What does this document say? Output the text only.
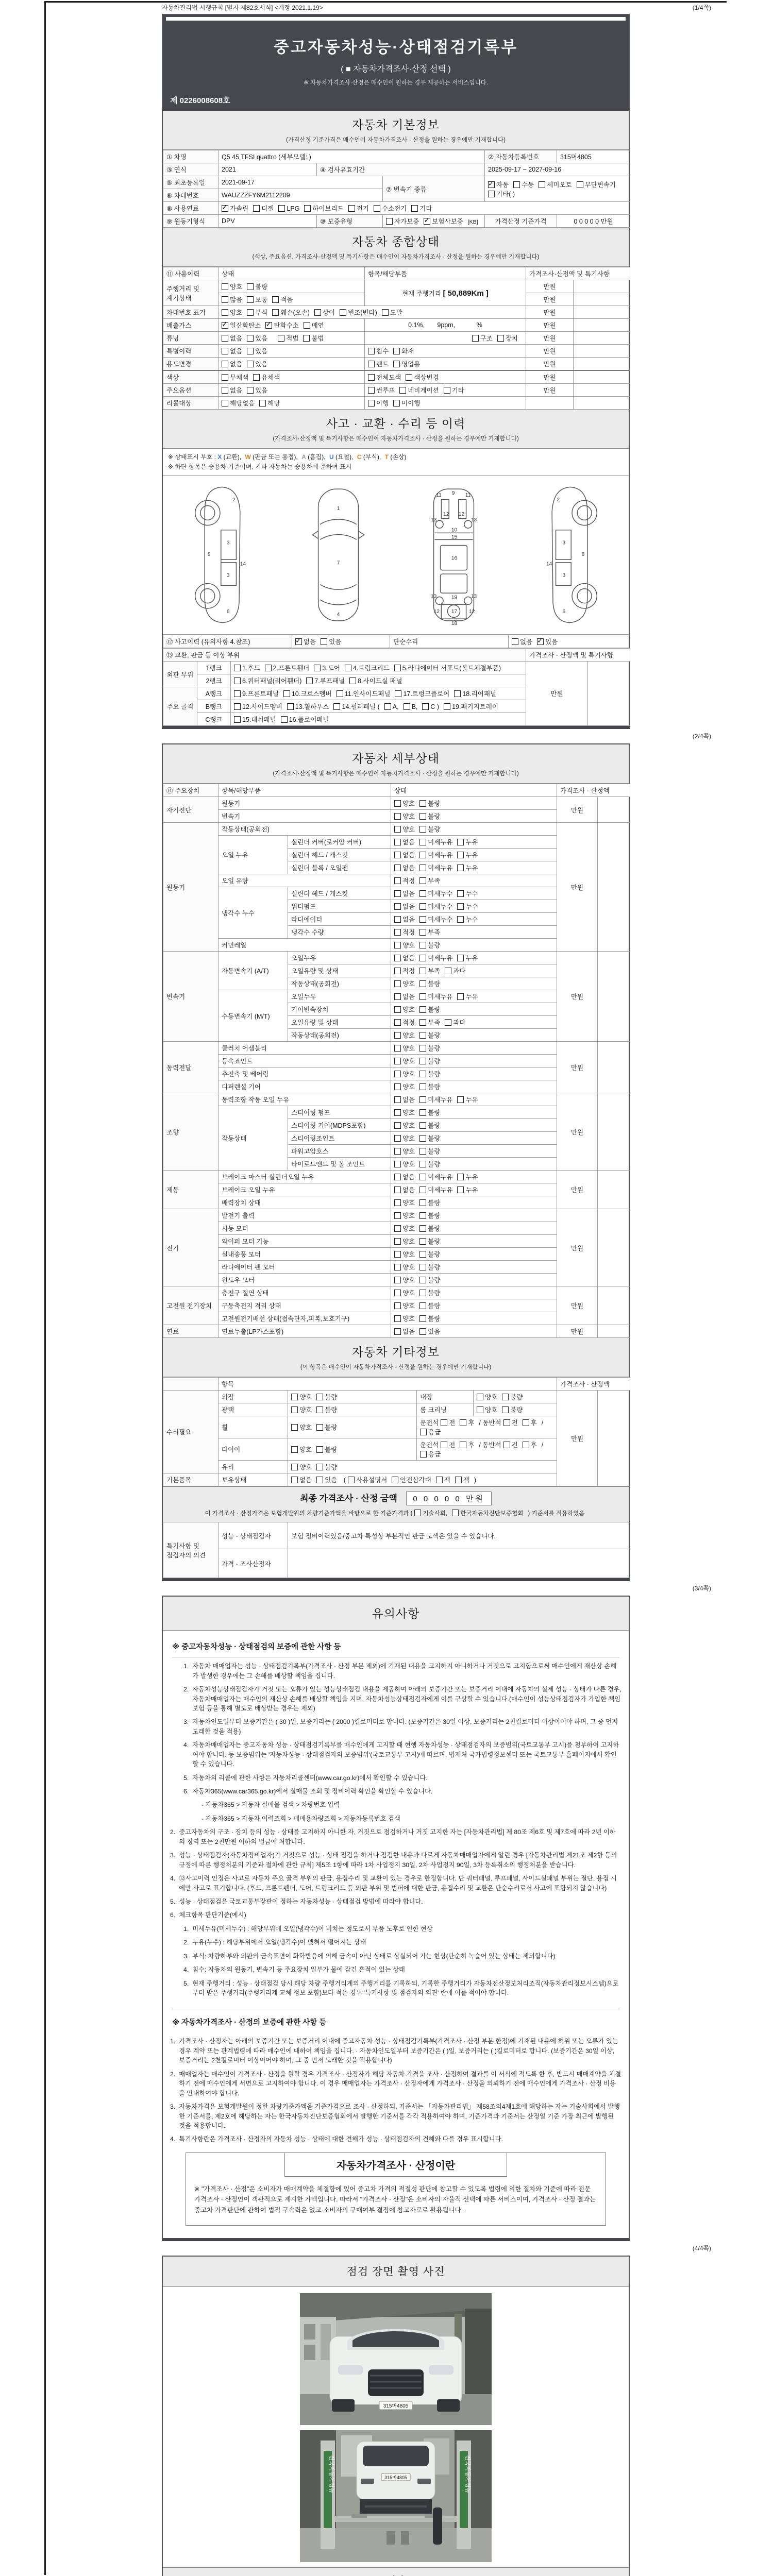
자동차관리법 시행규칙 [별지 제82호서식] <개정 2021.1.19>	(1/4쪽)
중고자동차성능·상태점검기록부
( ■ 자동차가격조사·산정 선택 )
※ 자동차가격조사·산정은 매수인이 원하는 경우 제공하는 서비스입니다.
제 0226008608호
자동차 기본정보
(가격산정 기준가격은 매수인이 자동차가격조사 · 산정을 원하는 경우에만 기재합니다)
① 차명	Q5 45 TFSI quattro (세부모델: )			② 자동차등록번호	315머4805
③ 연식	2021	④ 검사유효기간		2025-09-17 ~ 2027-09-16	
⑤ 최초등록일	2021-09-17		⑦ 변속기 종류	✓자동 수동 세미오토 무단변속기기타( )
⑥ 차대번호	WAUZZZFY6M2112209				
⑧ 사용연료	✓가솔린 디젤 LPG 하이브리드 전기 수소전기 기타
⑨ 원동기형식	DPV	⑩ 보증유형	자가보증 ✓ 보험사보증 [KB]	가격산정 기준가격	0 0 0 0 0 만원
자동차 종합상태
(색상, 주요옵션, 가격조사·산정액 및 특기사항은 매수인이 자동차가격조사 · 산정을 원하는 경우에만 기재합니다)
⑪ 사용이력	상태	항목/해당부품	가격조사·산정액 및 특기사항	
주행거리 및 계기상태	양호 불량	현재 주행거리 [ 50,889Km ]	만원	
	많음 보통 적음		만원	
차대번호 표기	양호 부식 훼손(오손) 상이 변조(변타) 도말		만원	
배출가스	✓일산화탄소 ✓ 탄화수소 매연	0.1%,       9ppm,            %	만원	
튜닝	없음 있음 적법 불법	구조 장치	만원	
특별이력	없음 있음	침수 화재	만원	
용도변경	없음 있음	렌트 영업용	만원	
색상	무채색 유채색	전체도색 색상변경	만원	
주요옵션	없음 있음	썬루프 네비게이션 기타	만원	
리콜대상	해당없음 해당	이행 미이행		
사고 · 교환 · 수리 등 이력
(가격조사·산정액 및 특기사항은 매수인이 자동차가격조사 · 산정을 원하는 경우에만 기재합니다)
※ 상태표시 부호 : X (교환), W (판금 또는 용접), A (흠집), U (요철), C (부식), T (손상)
※ 하단 항목은 승용차 기준이며, 기타 자동차는 승용차에 준하여 표시
2
8
3
14
3
6
1
7
4
11	11
9
13	13
12 12
10
15
16
19
13	13
12	12
17
18
2
8
3
14
3
6
⑫ 사고이력 (유의사항 4.참조)	✓없음 있음	단순수리	없음 ✓ 있음
⑬ 교환, 판금 등 이상 부위			가격조사 · 산정액 및 특기사항	
외판 부위	1랭크	1.후드 2.프론트휀더 3.도어 4.트렁크리드 5.라디에이터 서포트(볼트체결부품)	만원	
	2랭크	6.쿼터패널(리어휀더) 7.루프패널 8.사이드실 패널		
주요 골격	A랭크	9.프론트패널 10.크로스멤버 11.인사이드패널 17.트렁크플로어 18.리어패널		
	B랭크	12.사이드멤버 13.휠하우스 14.필러패널 ( A, B, C ) 19.패키지트레이		
	C랭크	15.대쉬패널 16.플로어패널		
(2/4쪽)
자동차 세부상태
(가격조사·산정액 및 특기사항은 매수인이 자동차가격조사 · 산정을 원하는 경우에만 기재합니다)
⑭ 주요장치	항목/해당부품		상태	가격조사 · 산정액	
자기진단	원동기		양호 불량	만원	
	변속기		양호 불량		
원동기	작동상태(공회전)		양호 불량	만원	
	오일 누유	실린더 커버(로커암 커버)	없음 미세누유 누유		
		실린더 헤드 / 개스킷	없음 미세누유 누유		
		실린더 블록 / 오일팬	없음 미세누유 누유		
	오일 유량		적정 부족		
	냉각수 누수	실린더 헤드 / 개스킷	없음 미세누수 누수		
		워터펌프	없음 미세누수 누수		
		라디에이터	없음 미세누수 누수		
		냉각수 수량	적정 부족		
	커먼레일		양호 불량		
변속기	자동변속기 (A/T)	오일누유	없음 미세누유 누유	만원	
		오일유량 및 상태	적정 부족 과다		
		작동상태(공회전)	양호 불량		
	수동변속기 (M/T)	오일누유	없음 미세누유 누유		
		기어변속장치	양호 불량		
		오일유량 및 상태	적정 부족 과다		
		작동상태(공회전)	양호 불량		
동력전달	클러치 어셈블리		양호 불량	만원	
	등속죠인트		양호 불량		
	추진축 및 베어링		양호 불량		
	디퍼렌셜 기어		양호 불량		
조향	동력조향 작동 오일 누유		없음 미세누유 누유	만원	
	작동상태	스티어링 펌프	양호 불량		
		스티어링 기어(MDPS포함)	양호 불량		
		스티어링조인트	양호 불량		
		파워고압호스	양호 불량		
		타이로드엔드 및 볼 조인트	양호 불량		
제동	브레이크 마스터 실린더오일 누유		없음 미세누유 누유	만원	
	브레이크 오일 누유		없음 미세누유 누유		
	배력장치 상태		양호 불량		
전기	발전기 출력		양호 불량	만원	
	시동 모터		양호 불량		
	와이퍼 모터 기능		양호 불량		
	실내송풍 모터		양호 불량		
	라디에이터 팬 모터		양호 불량		
	윈도우 모터		양호 불량		
고전원 전기장치	충전구 절연 상태		양호 불량	만원	
	구동축전지 격리 상태		양호 불량		
	고전원전기배선 상태(접속단자,피복,보호기구)		양호 불량		
연료	연료누출(LP가스포함)		없음 있음	만원	
자동차 기타정보
(이 항목은 매수인이 자동차가격조사 · 산정을 원하는 경우에만 기재합니다)
	항목				가격조사 · 산정액	
수리필요	외장	양호 불량	내장	양호 불량	만원	
	광택	양호 불량	룸 크리닝	양호 불량		
	휠	양호 불량	운전석 전 후 / 동반석 전 후 /응급			
	타이어	양호 불량	운전석 전 후 / 동반석 전 후 /응급			
	유리	양호 불량				
기본품목	보유상태	없음 있음 ( 사용설명서 안전삼각대 잭 잭 )				
최종 가격조사 · 산정 금액 0 0 0 0 0 만원
이 가격조사 · 산정가격은 보험개발원의 차량기준가액을 바탕으로 한 기준가격과 ( 기술사회, 한국자동차진단보증협회 ) 기준서를 적용하였음
특기사항 및 점검자의 의견	성능 · 상태점검자	보험 정비이력있음/중고차 특성상 부분적인 판금 도색은 있을 수 있습니다.
	가격 · 조사산정자	
(3/4쪽)
유의사항
※ 중고자동차성능 · 상태점검의 보증에 관한 사항 등
1. 자동차 매매업자는 성능 · 상태점검기록부(가격조사 · 산정 부분 제외)에 기재된 내용을 고지하지 아니하거나 거짓으로 고지함으로써 매수인에게 재산상 손해가 발생한 경우에는 그 손해를 배상할 책임을 집니다.
2. 자동차성능상태점검자가 거짓 또는 오류가 있는 성능상태점검 내용을 제공하여 아래의 보증기간 또는 보증거리 이내에 자동차의 실제 성능 · 상태가 다른 경우, 자동차매매업자는 매수인의 재산상 손해를 배상할 책임을 지며, 자동차성능상태점검자에게 이를 구상할 수 있습니다.(매수인이 성능상태점검자가 가입한 책임보험 등을 통해 별도로 배상받는 경우는 제외)
3. 자동차인도일부터 보증기간은 ( 30 )일, 보증거리는 ( 2000 )킬로미터로 합니다. (보증기간은 30일 이상, 보증거리는 2천킬로미터 이상이어야 하며, 그 중 먼저 도래한 것을 적용)
4. 자동차매매업자는 중고자동차 성능 · 상태점검기록부를 매수인에게 고지할 때 현행 자동차성능 · 상태점검자의 보증범위(국토교통부 고시)를 첨부하여 고지하여야 합니다. 동 보증범위는 '자동차성능 · 상태점검자의 보증범위'(국토교통부 고시)에 따르며, 법제처 국가법령정보센터 또는 국토교통부 홈페이지에서 확인할 수 있습니다.
5. 자동차의 리콜에 관한 사항은 자동차리콜센터(www.car.go.kr)에서 확인할 수 있습니다.
6. 자동차365(www.car365.go.kr)에서 실매물 조회 및 정비이력 확인을 확인할 수 있습니다.
- 자동차365 > 자동차 실매물 검색 > 차량번호 입력
- 자동차365 > 자동차 이력조회 > 매매용차량조회 > 자동차등록번호 검색
2. 중고자동차의 구조 · 장치 등의 성능 · 상태를 고지하지 아니한 자, 거짓으로 점검하거나 거짓 고지한 자는 [자동차관리법] 제 80조 제6호 및 제7호에 따라 2년 이하의 징역 또는 2천만원 이하의 벌금에 처합니다.
3. 성능 · 상태점검자(자동차정비업자)가 거짓으로 성능 · 상태 점검을 하거나 점검한 내용과 다르게 자동차매매업자에게 알린 경우 [자동차관리법 제21조 제2항 등의 규정에 따른 행정처분의 기준과 절차에 관한 규칙] 제5조 1항에 따라 1차 사업정지 30일, 2차 사업정지 90일, 3차 등록취소의 행정처분을 받습니다.
4. ⑫사고이력 인정은 사고로 자동차 주요 골격 부위의 판금, 용접수리 및 교환이 있는 경우로 한정합니다. 단 쿼터패널, 루프패널, 사이드실패널 부위는 절단, 용접 시에만 사고로 표기합니다. (후드, 프론트펜더, 도어, 트렁크리드 등 외판 부위 및 범퍼에 대한 판금, 용접수리 및 교환은 단순수리로서 사고에 포함되지 않습니다)
5. 성능 · 상태점검은 국토교통부장관이 정하는 자동차성능 · 상태점검 방법에 따라야 합니다.
6. 체크항목 판단기준(예시)
1. 미세누유(미세누수) : 해당부위에 오일(냉각수)이 비치는 정도로서 부품 노후로 인한 현상
2. 누유(누수) : 해당부위에서 오일(냉각수)이 맺혀서 떨어지는 상태
3. 부식: 차량하부와 외판의 금속표면이 화학반응에 의해 금속이 아닌 상태로 상실되어 가는 현상(단순히 녹슬어 있는 상태는 제외합니다)
4. 침수: 자동차의 원동기, 변속기 등 주요장치 일부가 물에 잠긴 흔적이 있는 상태
5. 현재 주행거리 : 성능 · 상태점검 당시 해당 차량 주행거리계의 주행거리를 기록하되, 기록한 주행거리가 자동차전산정보처리조직(자동차관리정보시스템)으로부터 받은 주행거리(주행거리계 교체 정보 포함)보다 적은 경우 '특기사항 및 점검자의 의견' 란에 이를 적어야 합니다.
※ 자동차가격조사 · 산정의 보증에 관한 사항 등
1. 가격조사 · 산정자는 아래의 보증기간 또는 보증거리 이내에 중고자동차 성능 · 상태점검기록부(가격조사 · 산정 부분 한정)에 기재된 내용에 허위 또는 오류가 있는 경우 계약 또는 관계법령에 따라 매수인에 대하여 책임을 집니다. · 자동차인도일부터 보증기간은 ( )일, 보증거리는 ( )킬로미터로 합니다. (보증기간은 30일 이상, 보증거리는 2천킬로미터 이상이어야 하며, 그 중 먼저 도래한 것을 적용합니다)
2. 매매업자는 매수인이 가격조사 · 산정을 원할 경우 가격조사 · 산정자가 해당 자동차 가격을 조사 · 산정하여 결과를 이 서식에 적도록 한 후, 반드시 매매계약을 체결하기 전에 매수인에게 서면으로 고지하여야 합니다. 이 경우 매매업자는 가격조사 · 산정자에게 가격조사 · 산정을 의뢰하기 전에 매수인에게 가격조사 · 산정 비용을 안내하여야 합니다.
3. 자동차가격은 보험개발원이 정한 차량기준가액을 기준가격으로 조사 · 산정하되, 기준서는 「자동차관리법」 제58조의4제1호에 해당하는 자는 기술사회에서 발행한 기준서를, 제2호에 해당하는 자는 한국자동차진단보증협회에서 발행한 기준서를 각각 적용하여야 하며, 기준가격과 기준서는 산정일 기준 가장 최근에 발행된 것을 적용합니다.
4. 특기사항란은 가격조사 · 산정자의 자동차 성능 · 상태에 대한 견해가 성능 · 상태점검자의 견해와 다를 경우 표시합니다.
자동차가격조사 · 산정이란
※ "가격조사 · 산정"은 소비자가 매매계약을 체결함에 있어 중고차 가격의 적절성 판단에 참고할 수 있도록 법령에 의한 절차와 기준에 따라 전문 가격조사 · 산정인이 객관적으로 제시한 가액입니다. 따라서 "가격조사 · 산정"은 소비자의 자율적 선택에 따른 서비스이며, 가격조사 · 산정 결과는 중고차 가격판단에 관하여 법적 구속력은 없고 소비자의 구매여부 결정에 참고자료로 활용됩니다.
(4/4쪽)
점검 장면 촬영 사진
315머4805
전국자동차성능	전국자동차성능
315머4805
